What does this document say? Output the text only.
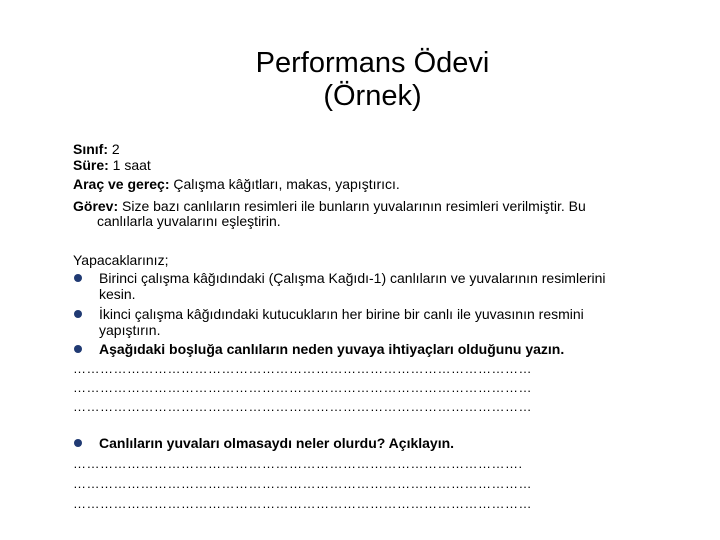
Performans Ödevi
(Örnek)
Sınıf: 2
Süre: 1 saat
Araç ve gereç: Çalışma kâğıtları, makas, yapıştırıcı.
Görev: Size bazı canlıların resimleri ile bunların yuvalarının resimleri verilmiştir. Bu
canlılarla yuvalarını eşleştirin.
Yapacaklarınız;
Birinci çalışma kâğıdındaki (Çalışma Kağıdı-1) canlıların ve yuvalarının resimlerini
kesin.
İkinci çalışma kâğıdındaki kutucukların her birine bir canlı ile yuvasının resmini
yapıştırın.
Aşağıdaki boşluğa canlıların neden yuvaya ihtiyaçları olduğunu yazın.
…………………………………………………………………………………………
…………………………………………………………………………………………
…………………………………………………………………………………………
Canlıların yuvaları olmasaydı neler olurdu? Açıklayın.
……………………………………………………………………………………….
…………………………………………………………………………………………
…………………………………………………………………………………………
